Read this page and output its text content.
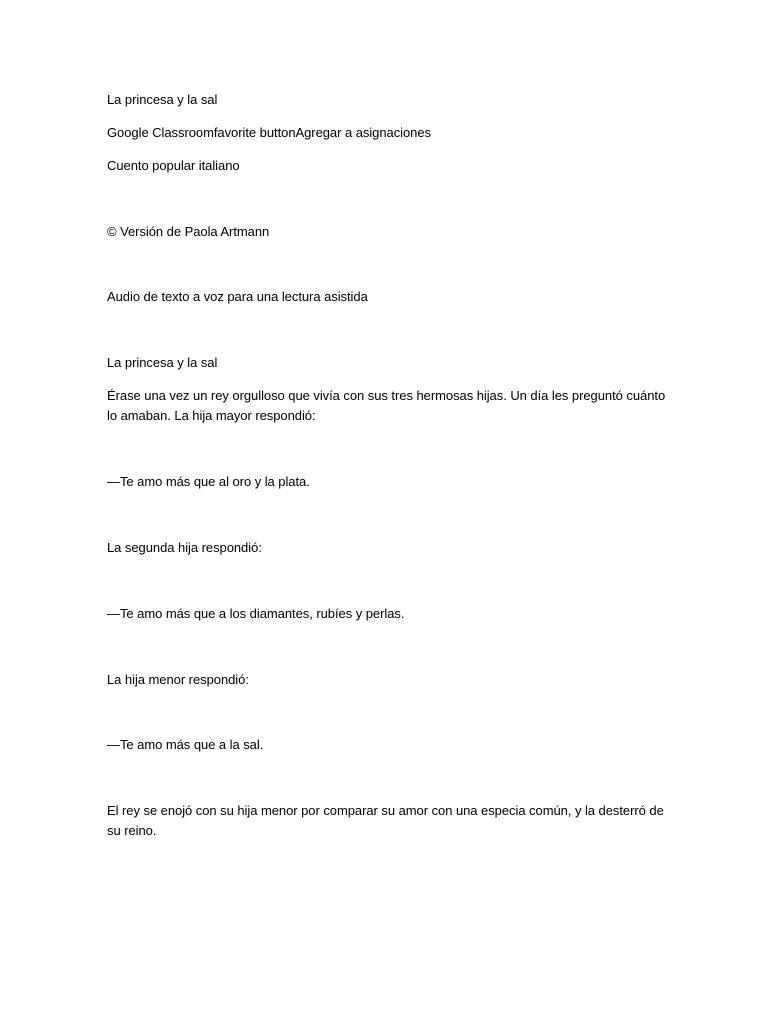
La princesa y la sal

Google Classroomfavorite buttonAgregar a asignaciones

Cuento popular italiano

© Versión de Paola Artmann

Audio de texto a voz para una lectura asistida

La princesa y la sal

Érase una vez un rey orgulloso que vivía con sus tres hermosas hijas. Un día les preguntó cuánto lo amaban. La hija mayor respondió:

—Te amo más que al oro y la plata.

La segunda hija respondió:

—Te amo más que a los diamantes, rubíes y perlas.

La hija menor respondió:

—Te amo más que a la sal.

El rey se enojó con su hija menor por comparar su amor con una especia común, y la desterró de su reino.
